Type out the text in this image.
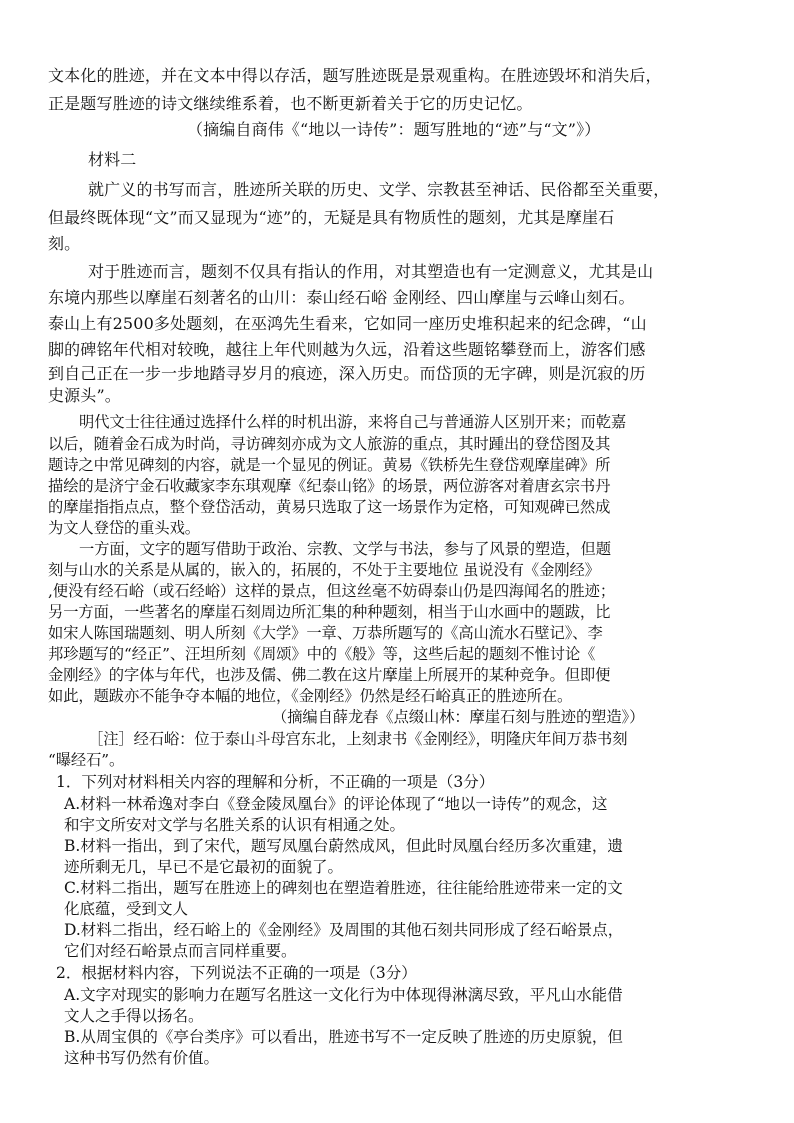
文本化的胜迹，并在文本中得以存活，题写胜迹既是景观重构。在胜迹毁坏和消失后，
正是题写胜迹的诗文继续维系着，也不断更新着关于它的历史记忆。
（摘编自商伟《“地以一诗传”：题写胜地的“迹”与“文”》）
材料二
就广义的书写而言，胜迹所关联的历史、文学、宗教甚至神话、民俗都至关重要，
但最终既体现“文”而又显现为“迹”的，无疑是具有物质性的题刻，尤其是摩崖石
刻。
对于胜迹而言，题刻不仅具有指认的作用，对其塑造也有一定测意义，尤其是山
东境内那些以摩崖石刻著名的山川：泰山经石峪 金刚经、四山摩崖与云峰山刻石。
泰山上有2500多处题刻，在巫鸿先生看来，它如同一座历史堆积起来的纪念碑，“山
脚的碑铭年代相对较晚，越往上年代则越为久远，沿着这些题铭攀登而上，游客们感
到自己正在一步一步地踏寻岁月的痕迹，深入历史。而岱顶的无字碑，则是沉寂的历
史源头”。
明代文士往往通过选择什么样的时机出游，来将自己与普通游人区别开来；而乾嘉
以后，随着金石成为时尚，寻访碑刻亦成为文人旅游的重点，其时踵出的登岱图及其
题诗之中常见碑刻的内容，就是一个显见的例证。黄易《铁桥先生登岱观摩崖碑》所
描绘的是济宁金石收藏家李东琪观摩《纪泰山铭》的场景，两位游客对着唐玄宗书丹
的摩崖指指点点，整个登岱活动，黄易只选取了这一场景作为定格，可知观碑已然成
为文人登岱的重头戏。
一方面，文字的题写借助于政治、宗教、文学与书法，参与了风景的塑造，但题
刻与山水的关系是从属的，嵌入的，拓展的，不处于主要地位 虽说没有《金刚经》
,便没有经石峪（或石经峪）这样的景点，但这丝毫不妨碍泰山仍是四海闻名的胜迹；
另一方面，一些著名的摩崖石刻周边所汇集的种种题刻，相当于山水画中的题跋，比
如宋人陈国瑞题刻、明人所刻《大学》一章、万恭所题写的《高山流水石壁记》、李
邦珍题写的“经正”、汪坦所刻《周颂》中的《般》等，这些后起的题刻不惟讨论《
金刚经》的字体与年代，也涉及儒、佛二教在这片摩崖上所展开的某种竞争。但即便
如此，题跋亦不能争夺本幅的地位，《金刚经》仍然是经石峪真正的胜迹所在。
（摘编自薛龙春《点缀山林：摩崖石刻与胜迹的塑造》）
［注］经石峪：位于泰山斗母宫东北，上刻隶书《金刚经》，明隆庆年间万恭书刻
“曝经石”。
1．下列对材料相关内容的理解和分析，不正确的一项是（3分）
A.材料一林希逸对李白《登金陵凤凰台》的评论体现了“地以一诗传”的观念，这
和宇文所安对文学与名胜关系的认识有相通之处。
B.材料一指出，到了宋代，题写凤凰台蔚然成风，但此时凤凰台经历多次重建，遗
迹所剩无几，早已不是它最初的面貌了。
C.材料二指出，题写在胜迹上的碑刻也在塑造着胜迹，往往能给胜迹带来一定的文
化底蕴，受到文人
D.材料二指出，经石峪上的《金刚经》及周围的其他石刻共同形成了经石峪景点，
它们对经石峪景点而言同样重要。
2．根据材料内容，下列说法不正确的一项是（3分）
A.文字对现实的影响力在题写名胜这一文化行为中体现得淋漓尽致，平凡山水能借
文人之手得以扬名。
B.从周宝俱的《亭台类序》可以看出，胜迹书写不一定反映了胜迹的历史原貌，但
这种书写仍然有价值。
